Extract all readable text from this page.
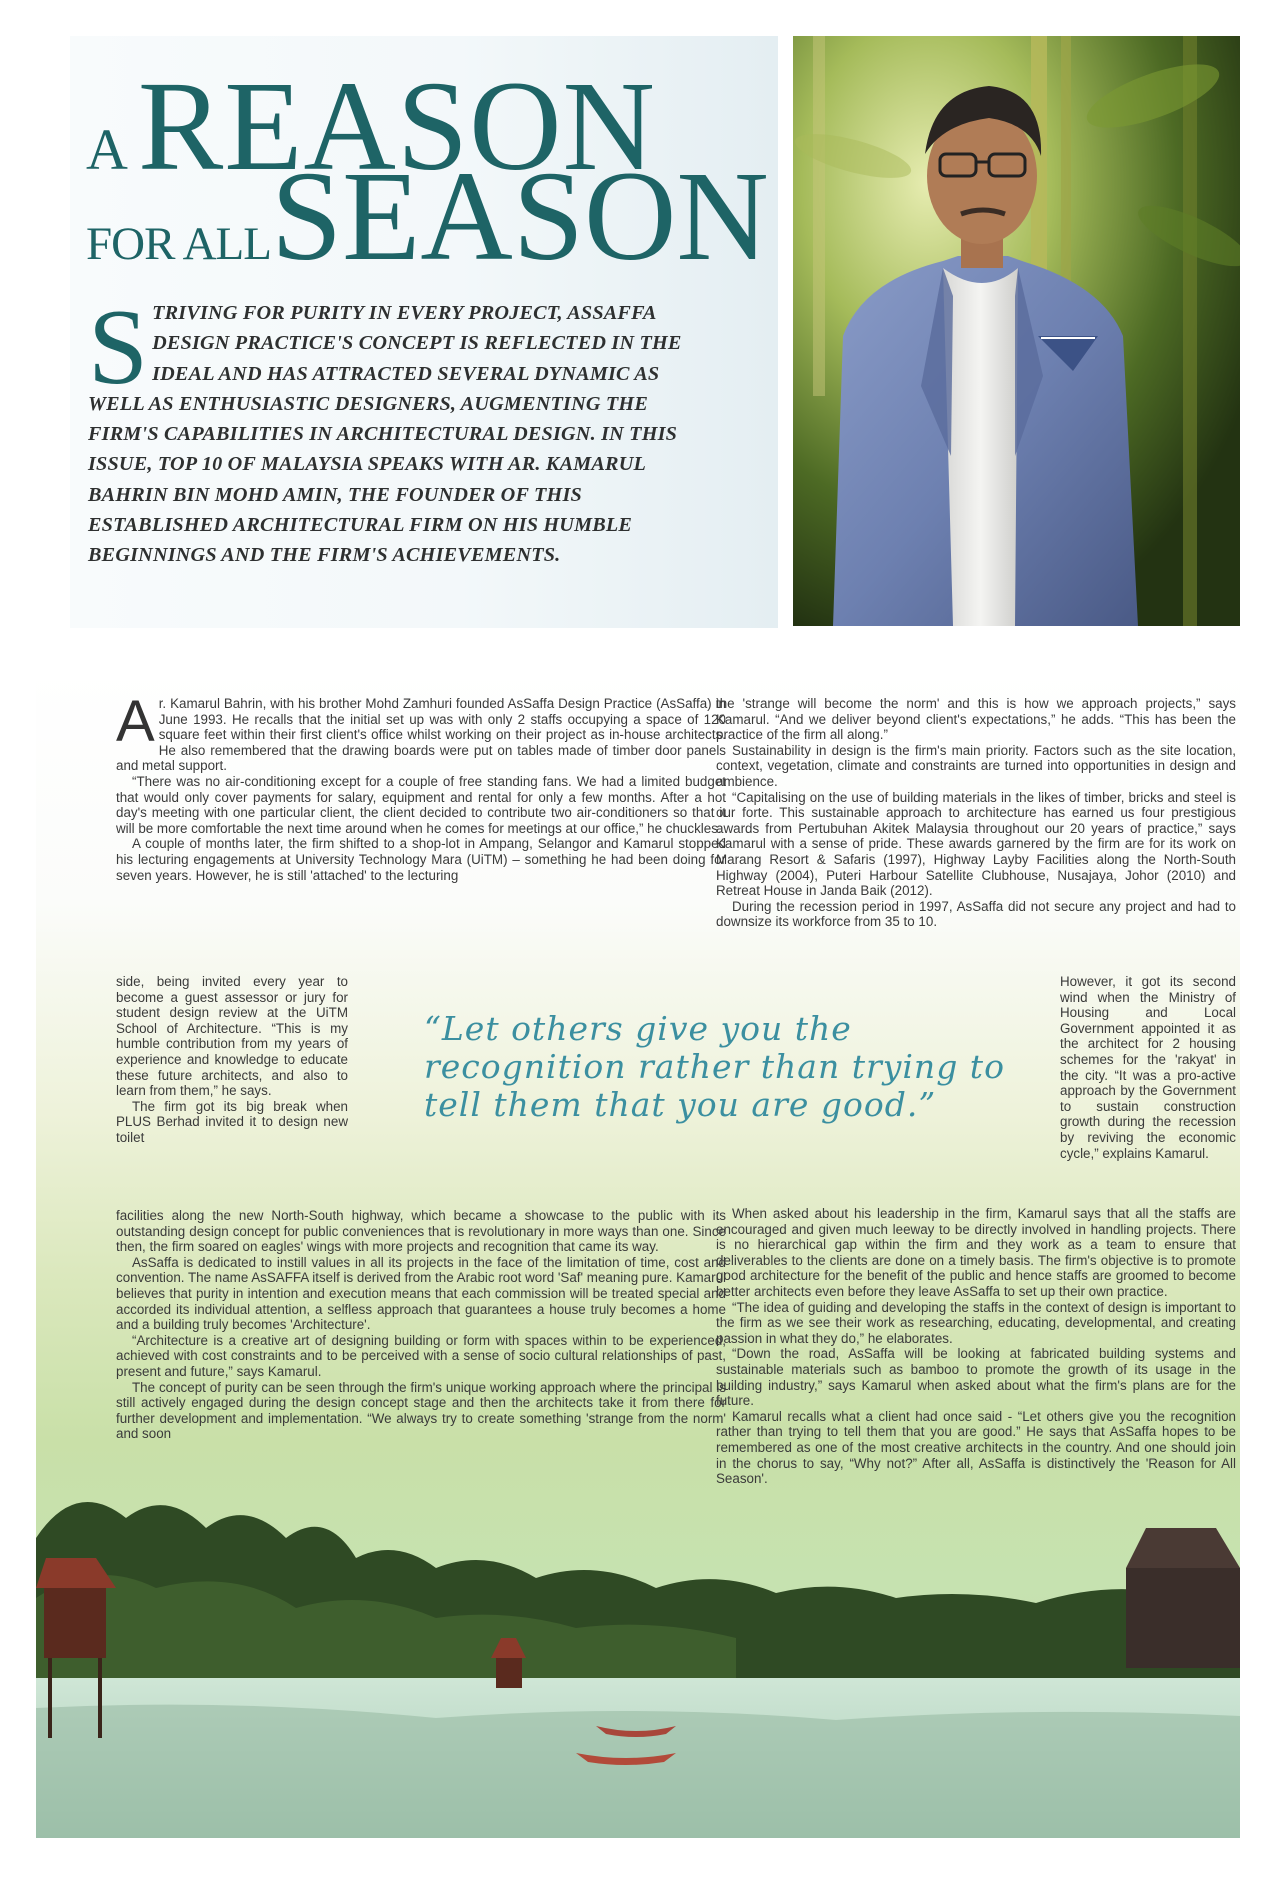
A REASON
FOR ALLSEASON
S TRIVING FOR PURITY IN EVERY PROJECT, ASSAFFA DESIGN PRACTICE'S CONCEPT IS REFLECTED IN THE IDEAL AND HAS ATTRACTED SEVERAL DYNAMIC AS WELL AS ENTHUSIASTIC DESIGNERS, AUGMENTING THE FIRM'S CAPABILITIES IN ARCHITECTURAL DESIGN. IN THIS ISSUE, TOP 10 OF MALAYSIA SPEAKS WITH AR. KAMARUL BAHRIN BIN MOHD AMIN, THE FOUNDER OF THIS ESTABLISHED ARCHITECTURAL FIRM ON HIS HUMBLE BEGINNINGS AND THE FIRM'S ACHIEVEMENTS.

A r. Kamarul Bahrin, with his brother Mohd Zamhuri founded AsSaffa Design Practice (AsSaffa) in June 1993. He recalls that the initial set up was with only 2 staffs occupying a space of 120 square feet within their first client's office whilst working on their project as in-house architects. He also remembered that the drawing boards were put on tables made of timber door panels and metal support.

“There was no air-conditioning except for a couple of free standing fans. We had a limited budget that would only cover payments for salary, equipment and rental for only a few months. After a hot day's meeting with one particular client, the client decided to contribute two air-conditioners so that it will be more comfortable the next time around when he comes for meetings at our office,” he chuckles.

A couple of months later, the firm shifted to a shop-lot in Ampang, Selangor and Kamarul stopped his lecturing engagements at University Technology Mara (UiTM) – something he had been doing for seven years. However, he is still 'attached' to the lecturing

side, being invited every year to become a guest assessor or jury for student design review at the UiTM School of Architecture. “This is my humble contribution from my years of experience and knowledge to educate these future architects, and also to learn from them,” he says.

The firm got its big break when PLUS Berhad invited it to design new toilet

facilities along the new North-South highway, which became a showcase to the public with its outstanding design concept for public conveniences that is revolutionary in more ways than one. Since then, the firm soared on eagles' wings with more projects and recognition that came its way.

AsSaffa is dedicated to instill values in all its projects in the face of the limitation of time, cost and convention. The name AsSAFFA itself is derived from the Arabic root word 'Saf' meaning pure. Kamarul believes that purity in intention and execution means that each commission will be treated special and accorded its individual attention, a selfless approach that guarantees a house truly becomes a home and a building truly becomes 'Architecture'.

“Architecture is a creative art of designing building or form with spaces within to be experienced, achieved with cost constraints and to be perceived with a sense of socio cultural relationships of past, present and future,” says Kamarul.

The concept of purity can be seen through the firm's unique working approach where the principal is still actively engaged during the design concept stage and then the architects take it from there for further development and implementation. “We always try to create something 'strange from the norm' and soon

the 'strange will become the norm' and this is how we approach projects,” says Kamarul. “And we deliver beyond client's expectations,” he adds. “This has been the practice of the firm all along.”

Sustainability in design is the firm's main priority. Factors such as the site location, context, vegetation, climate and constraints are turned into opportunities in design and ambience.

“Capitalising on the use of building materials in the likes of timber, bricks and steel is our forte. This sustainable approach to architecture has earned us four prestigious awards from Pertubuhan Akitek Malaysia throughout our 20 years of practice,” says Kamarul with a sense of pride. These awards garnered by the firm are for its work on Marang Resort & Safaris (1997), Highway Layby Facilities along the North-South Highway (2004), Puteri Harbour Satellite Clubhouse, Nusajaya, Johor (2010) and Retreat House in Janda Baik (2012).

During the recession period in 1997, AsSaffa did not secure any project and had to downsize its workforce from 35 to 10.

However, it got its second wind when the Ministry of Housing and Local Government appointed it as the architect for 2 housing schemes for the 'rakyat' in the city. “It was a pro-active approach by the Government to sustain construction growth during the recession by reviving the economic cycle,” explains Kamarul.

When asked about his leadership in the firm, Kamarul says that all the staffs are encouraged and given much leeway to be directly involved in handling projects. There is no hierarchical gap within the firm and they work as a team to ensure that deliverables to the clients are done on a timely basis. The firm's objective is to promote good architecture for the benefit of the public and hence staffs are groomed to become better architects even before they leave AsSaffa to set up their own practice.

“The idea of guiding and developing the staffs in the context of design is important to the firm as we see their work as researching, educating, developmental, and creating passion in what they do,” he elaborates.

“Down the road, AsSaffa will be looking at fabricated building systems and sustainable materials such as bamboo to promote the growth of its usage in the building industry,” says Kamarul when asked about what the firm's plans are for the future.

Kamarul recalls what a client had once said - “Let others give you the recognition rather than trying to tell them that you are good.” He says that AsSaffa hopes to be remembered as one of the most creative architects in the country. And one should join in the chorus to say, “Why not?” After all, AsSaffa is distinctively the 'Reason for All Season'.

“Let others give you the recognition rather than trying to tell them that you are good.”
